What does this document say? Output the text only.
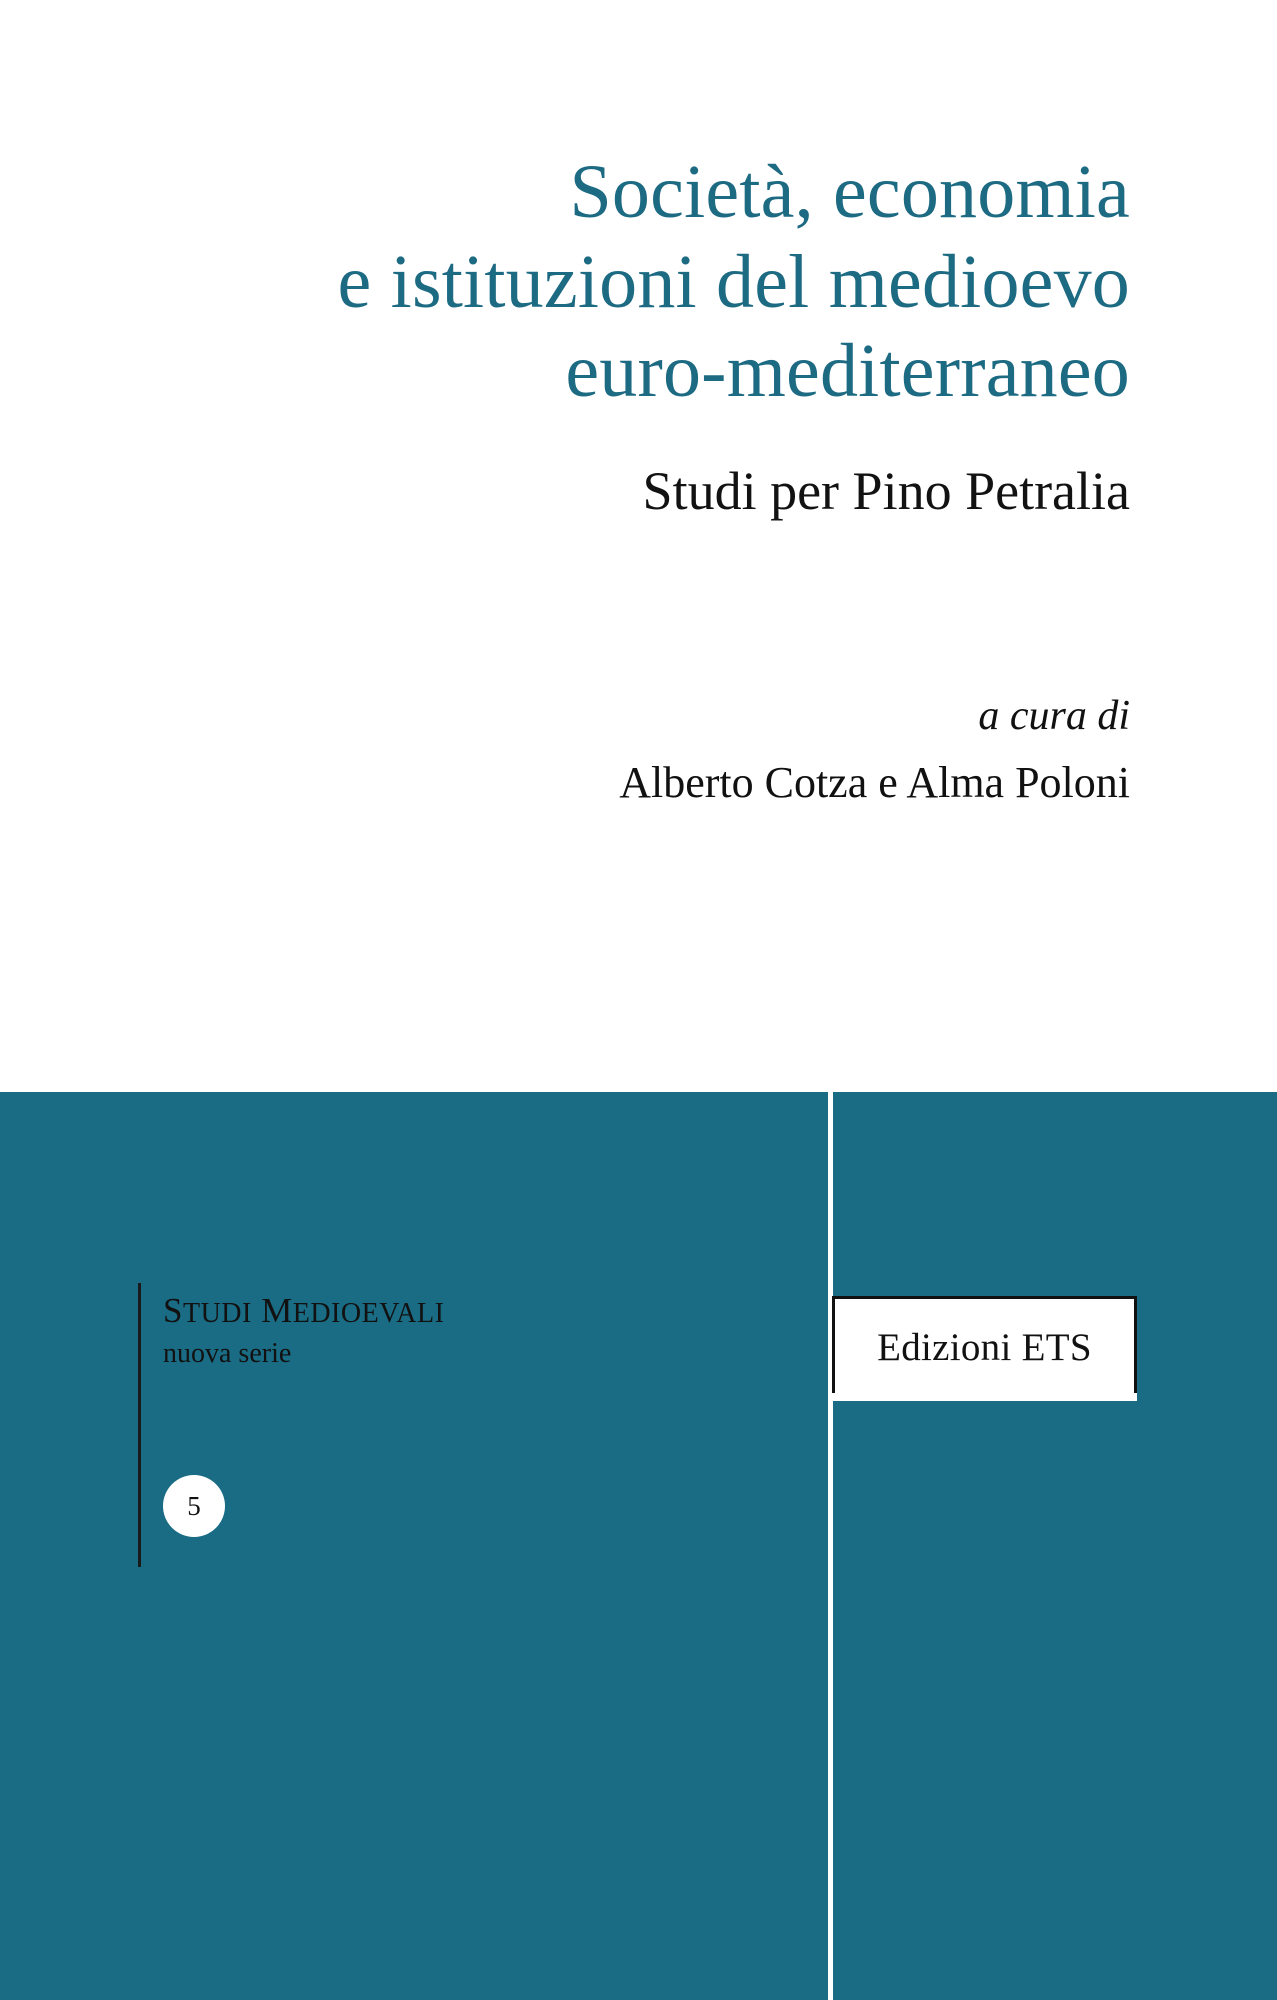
Società, economia
e istituzioni del medioevo
euro-mediterraneo
Studi per Pino Petralia
a cura di
Alberto Cotza e Alma Poloni
STUDI MEDIOEVALI
nuova serie
5
Edizioni ETS
